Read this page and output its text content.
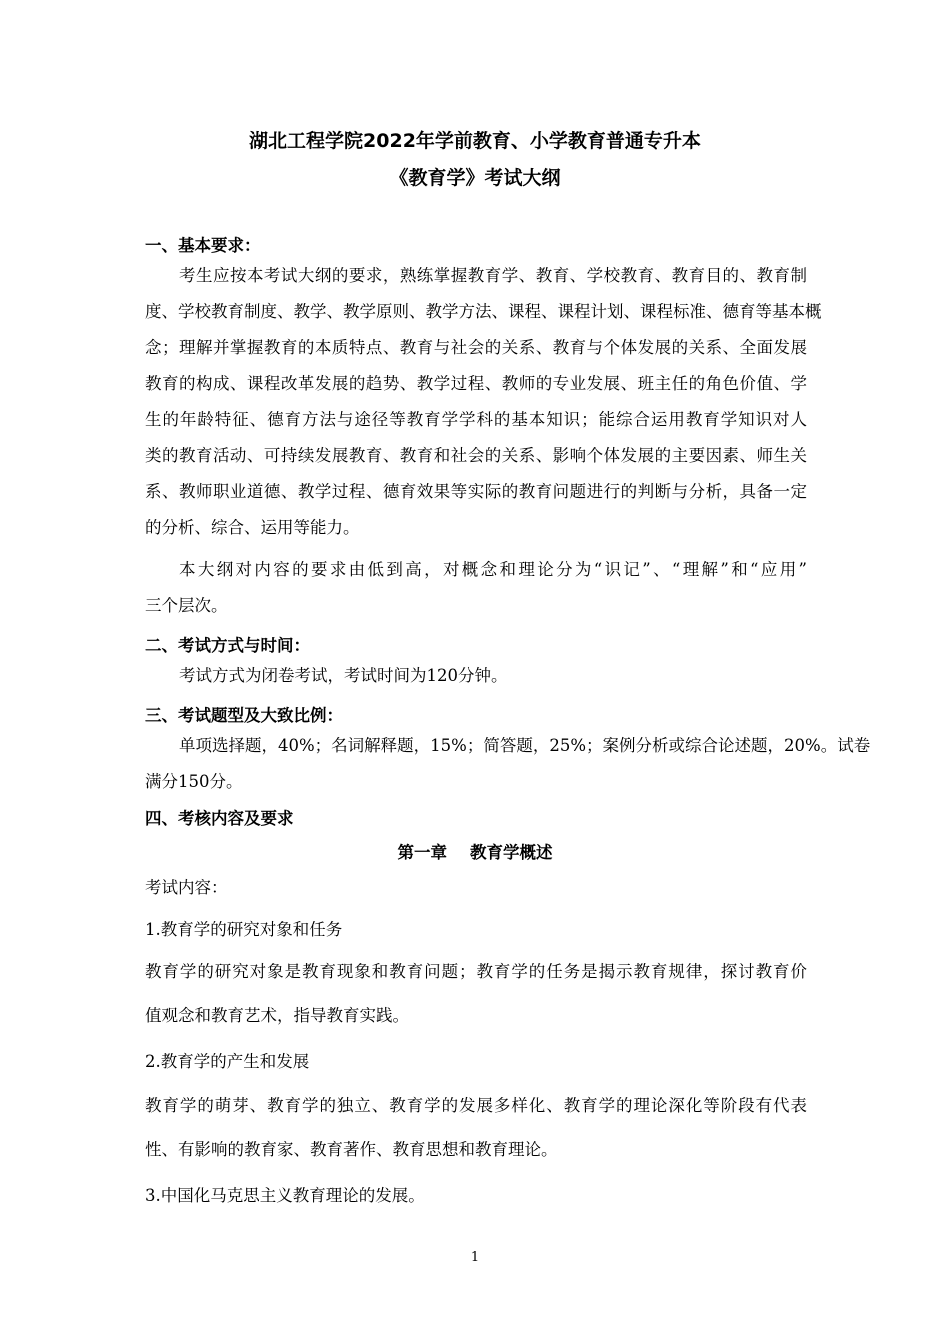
湖北工程学院2022年学前教育、小学教育普通专升本
《教育学》考试大纲
一、基本要求：
考生应按本考试大纲的要求，熟练掌握教育学、教育、学校教育、教育目的、教育制
度、学校教育制度、教学、教学原则、教学方法、课程、课程计划、课程标准、德育等基本概
念；理解并掌握教育的本质特点、教育与社会的关系、教育与个体发展的关系、全面发展
教育的构成、课程改革发展的趋势、教学过程、教师的专业发展、班主任的角色价值、学
生的年龄特征、德育方法与途径等教育学学科的基本知识；能综合运用教育学知识对人
类的教育活动、可持续发展教育、教育和社会的关系、影响个体发展的主要因素、师生关
系、教师职业道德、教学过程、德育效果等实际的教育问题进行的判断与分析，具备一定
的分析、综合、运用等能力。
本大纲对内容的要求由低到高，对概念和理论分为“识记”、“理解”和“应用”
三个层次。
二、考试方式与时间：
考试方式为闭卷考试，考试时间为120分钟。
三、考试题型及大致比例：
单项选择题，40%；名词解释题，15%；简答题，25%；案例分析或综合论述题，20%。试卷
满分150分。
四、考核内容及要求
第一章    教育学概述
考试内容：
1.教育学的研究对象和任务
教育学的研究对象是教育现象和教育问题；教育学的任务是揭示教育规律，探讨教育价
值观念和教育艺术，指导教育实践。
2.教育学的产生和发展
教育学的萌芽、教育学的独立、教育学的发展多样化、教育学的理论深化等阶段有代表
性、有影响的教育家、教育著作、教育思想和教育理论。
3.中国化马克思主义教育理论的发展。
1
